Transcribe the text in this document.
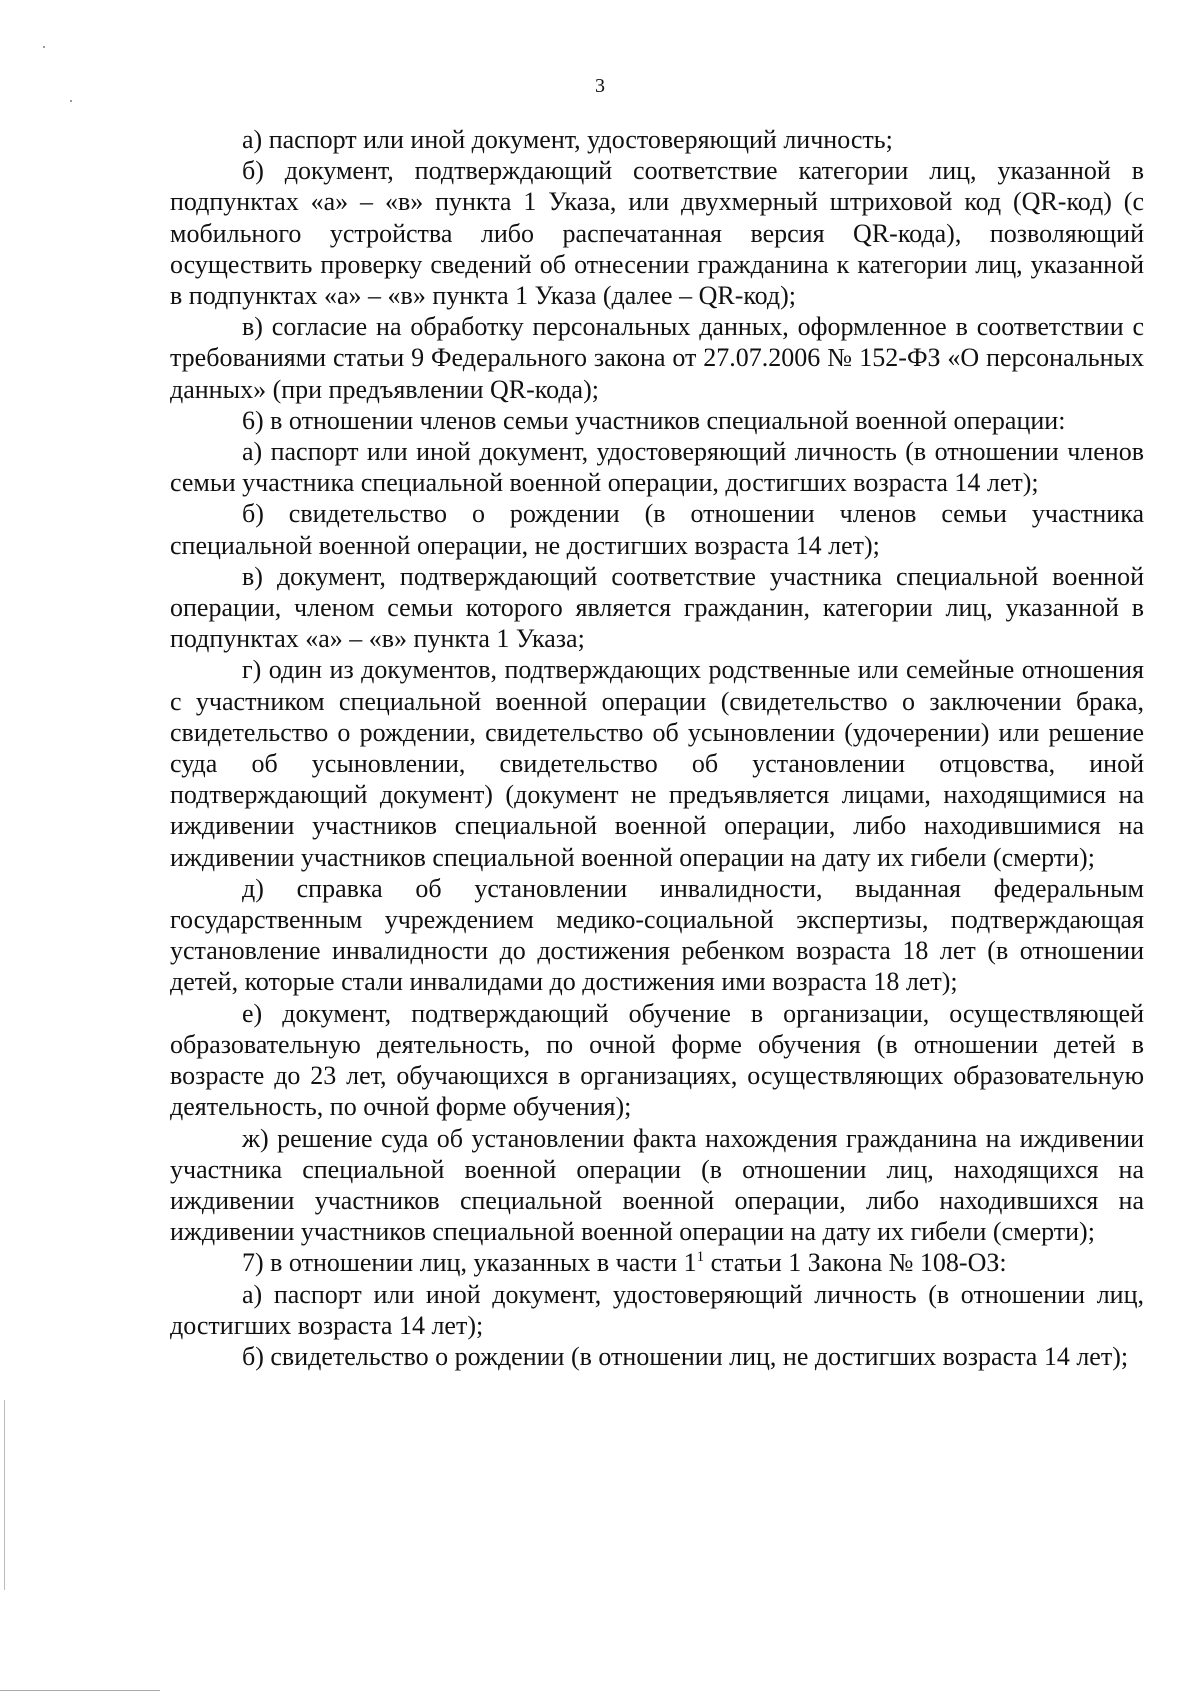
3

а) паспорт или иной документ, удостоверяющий личность;

б) документ, подтверждающий соответствие категории лиц, указанной в подпунктах «а» – «в» пункта 1 Указа, или двухмерный штриховой код (QR-код) (с мобильного устройства либо распечатанная версия QR-кода), позволяющий осуществить проверку сведений об отнесении гражданина к категории лиц, указанной в подпунктах «а» – «в» пункта 1 Указа (далее – QR-код);

в) согласие на обработку персональных данных, оформленное в соответствии с требованиями статьи 9 Федерального закона от 27.07.2006 № 152-ФЗ «О персональных данных» (при предъявлении QR-кода);

6) в отношении членов семьи участников специальной военной операции:

а) паспорт или иной документ, удостоверяющий личность (в отношении членов семьи участника специальной военной операции, достигших возраста 14 лет);

б) свидетельство о рождении (в отношении членов семьи участника специальной военной операции, не достигших возраста 14 лет);

в) документ, подтверждающий соответствие участника специальной военной операции, членом семьи которого является гражданин, категории лиц, указанной в подпунктах «а» – «в» пункта 1 Указа;

г) один из документов, подтверждающих родственные или семейные отношения с участником специальной военной операции (свидетельство о заключении брака, свидетельство о рождении, свидетельство об усыновлении (удочерении) или решение суда об усыновлении, свидетельство об установлении отцовства, иной подтверждающий документ) (документ не предъявляется лицами, находящимися на иждивении участников специальной военной операции, либо находившимися на иждивении участников специальной военной операции на дату их гибели (смерти);

д) справка об установлении инвалидности, выданная федеральным государственным учреждением медико-социальной экспертизы, подтверждающая установление инвалидности до достижения ребенком возраста 18 лет (в отношении детей, которые стали инвалидами до достижения ими возраста 18 лет);

е) документ, подтверждающий обучение в организации, осуществляющей образовательную деятельность, по очной форме обучения (в отношении детей в возрасте до 23 лет, обучающихся в организациях, осуществляющих образовательную деятельность, по очной форме обучения);

ж) решение суда об установлении факта нахождения гражданина на иждивении участника специальной военной операции (в отношении лиц, находящихся на иждивении участников специальной военной операции, либо находившихся на иждивении участников специальной военной операции на дату их гибели (смерти);

7) в отношении лиц, указанных в части $1^1$ статьи 1 Закона № 108-ОЗ:

а) паспорт или иной документ, удостоверяющий личность (в отношении лиц, достигших возраста 14 лет);

б) свидетельство о рождении (в отношении лиц, не достигших возраста 14 лет);
